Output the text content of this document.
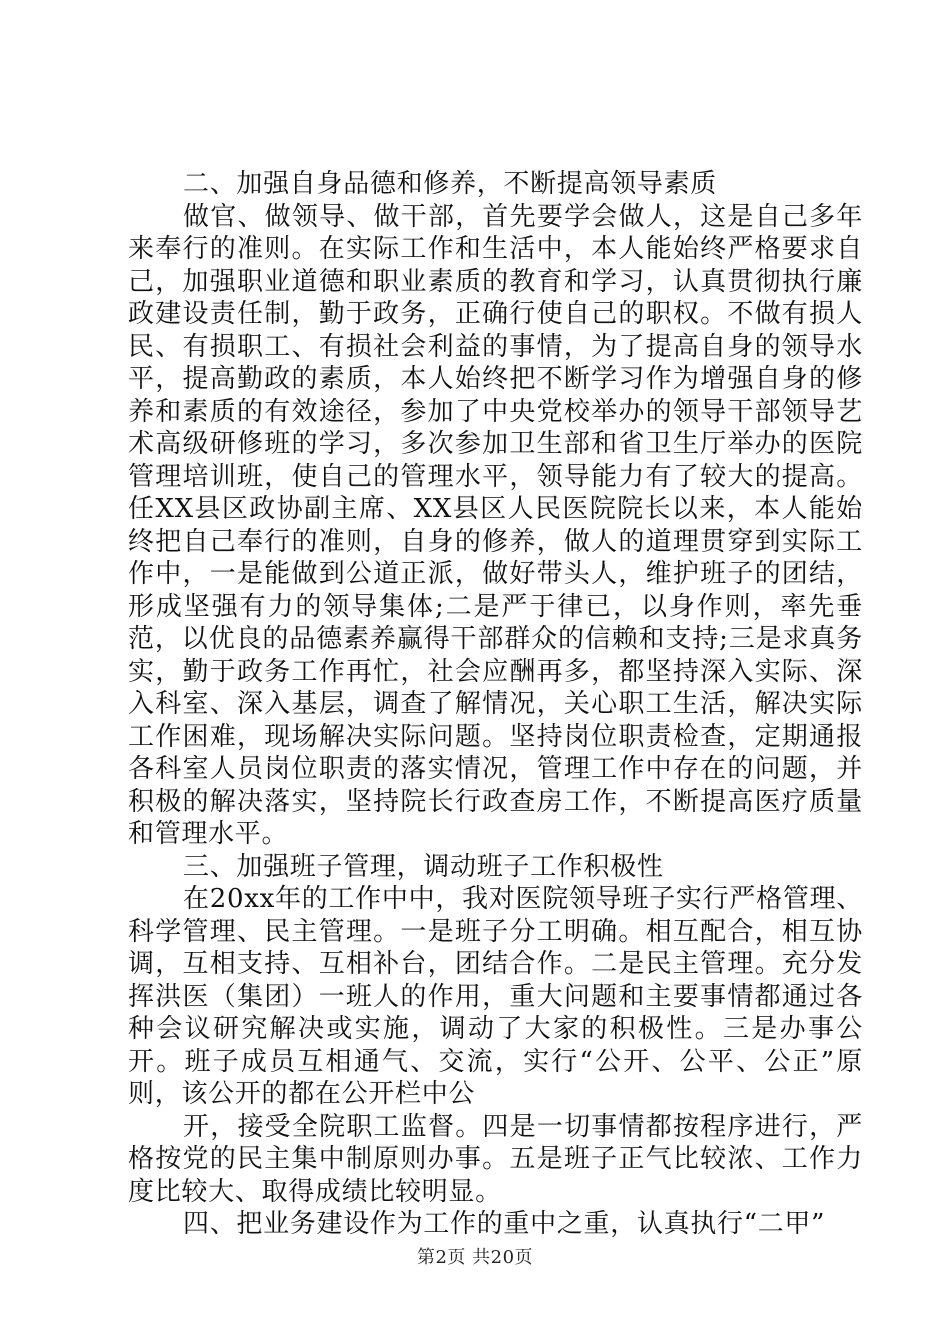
二、加强自身品德和修养，不断提高领导素质

做官、做领导、做干部，首先要学会做人，这是自己多年来奉行的准则。在实际工作和生活中，本人能始终严格要求自己，加强职业道德和职业素质的教育和学习，认真贯彻执行廉政建设责任制，勤于政务，正确行使自己的职权。不做有损人民、有损职工、有损社会利益的事情，为了提高自身的领导水平，提高勤政的素质，本人始终把不断学习作为增强自身的修养和素质的有效途径，参加了中央党校举办的领导干部领导艺术高级研修班的学习，多次参加卫生部和省卫生厅举办的医院管理培训班，使自己的管理水平，领导能力有了较大的提高。任XX县区政协副主席、XX县区人民医院院长以来，本人能始终把自己奉行的准则，自身的修养，做人的道理贯穿到实际工作中，一是能做到公道正派，做好带头人，维护班子的团结，形成坚强有力的领导集体;二是严于律已，以身作则，率先垂范，以优良的品德素养赢得干部群众的信赖和支持;三是求真务实，勤于政务工作再忙，社会应酬再多，都坚持深入实际、深入科室、深入基层，调查了解情况，关心职工生活，解决实际工作困难，现场解决实际问题。坚持岗位职责检查，定期通报各科室人员岗位职责的落实情况，管理工作中存在的问题，并积极的解决落实，坚持院长行政查房工作，不断提高医疗质量和管理水平。

三、加强班子管理，调动班子工作积极性

在20xx年的工作中中，我对医院领导班子实行严格管理、科学管理、民主管理。一是班子分工明确。相互配合，相互协调，互相支持、互相补台，团结合作。二是民主管理。充分发挥洪医（集团）一班人的作用，重大问题和主要事情都通过各种会议研究解决或实施，调动了大家的积极性。三是办事公开。班子成员互相通气、交流，实行“公开、公平、公正”原则，该公开的都在公开栏中公

开，接受全院职工监督。四是一切事情都按程序进行，严格按党的民主集中制原则办事。五是班子正气比较浓、工作力度比较大、取得成绩比较明显。

四、把业务建设作为工作的重中之重，认真执行“二甲”

第2页 共20页
